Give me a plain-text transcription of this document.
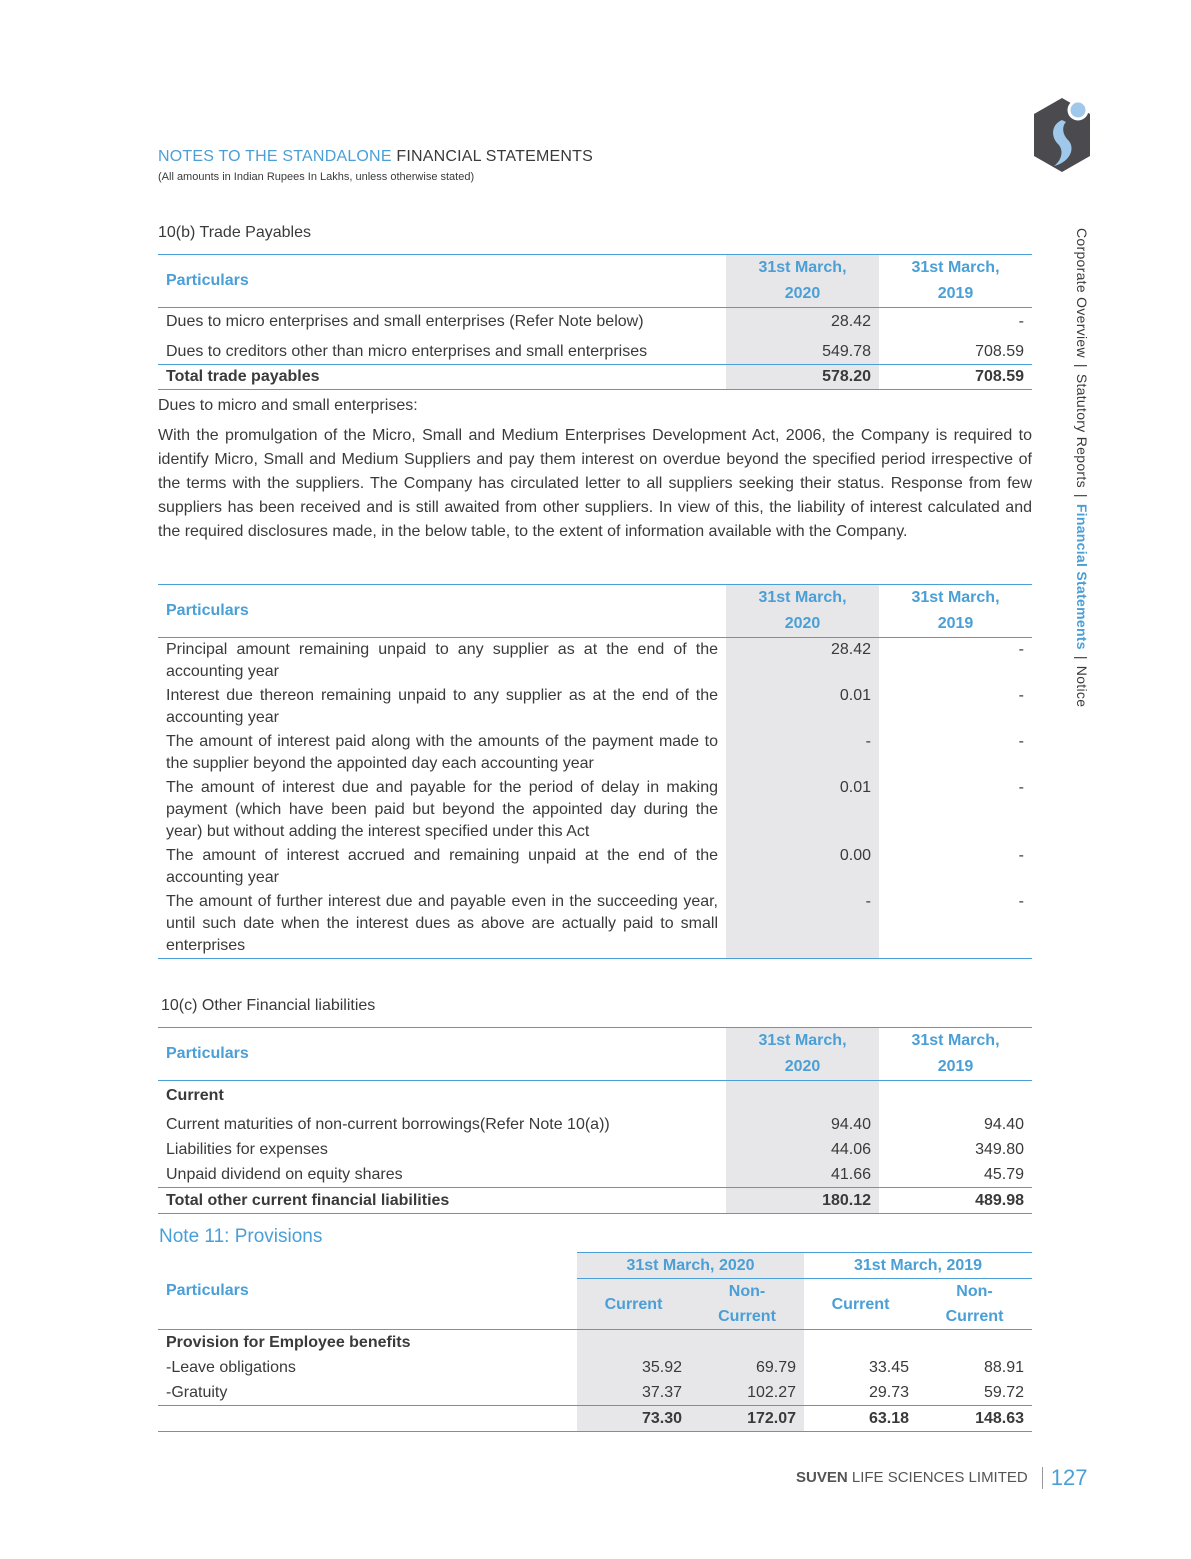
NOTES TO THE STANDALONE FINANCIAL STATEMENTS
(All amounts in Indian Rupees In Lakhs, unless otherwise stated)
Corporate Overview|Statutory Reports|Financial Statements|Notice
10(b) Trade Payables
Particulars	31st March,	31st March,
	2020	2019
Dues to micro enterprises and small enterprises (Refer Note below)	28.42	-
Dues to creditors other than micro enterprises and small enterprises	549.78	708.59
Total trade payables	578.20	708.59
Dues to micro and small enterprises:
With the promulgation of the Micro, Small and Medium Enterprises Development Act, 2006, the Company is required to identify Micro, Small and Medium Suppliers and pay them interest on overdue beyond the specified period irrespective of the terms with the suppliers. The Company has circulated letter to all suppliers seeking their status. Response from few suppliers has been received and is still awaited from other suppliers. In view of this, the liability of interest calculated and the required disclosures made, in the below table, to the extent of information available with the Company.
Particulars	31st March,	31st March,
	2020	2019
Principal amount remaining unpaid to any supplier as at the end of the accounting year	28.42	-
Interest due thereon remaining unpaid to any supplier as at the end of the accounting year	0.01	-
The amount of interest paid along with the amounts of the payment made to the supplier beyond the appointed day each accounting year	-	-
The amount of interest due and payable for the period of delay in making payment (which have been paid but beyond the appointed day during the year) but without adding the interest specified under this Act	0.01	-
The amount of interest accrued and remaining unpaid at the end of the accounting year	0.00	-
The amount of further interest due and payable even in the succeeding year, until such date when the interest dues as above are actually paid to small enterprises	-	-
10(c) Other Financial liabilities
Particulars	31st March,	31st March,
	2020	2019
Current		
Current maturities of non-current borrowings(Refer Note 10(a))	94.40	94.40
Liabilities for expenses	44.06	349.80
Unpaid dividend on equity shares	41.66	45.79
Total other current financial liabilities	180.12	489.98
Note 11: Provisions
Particulars	31st March, 2020		31st March, 2019	
	Current	Non-	Current	Non-
		Current		Current
Provision for Employee benefits				
-Leave obligations	35.92	69.79	33.45	88.91
-Gratuity	37.37	102.27	29.73	59.72
	73.30	172.07	63.18	148.63
SUVEN LIFE SCIENCES LIMITED 127
